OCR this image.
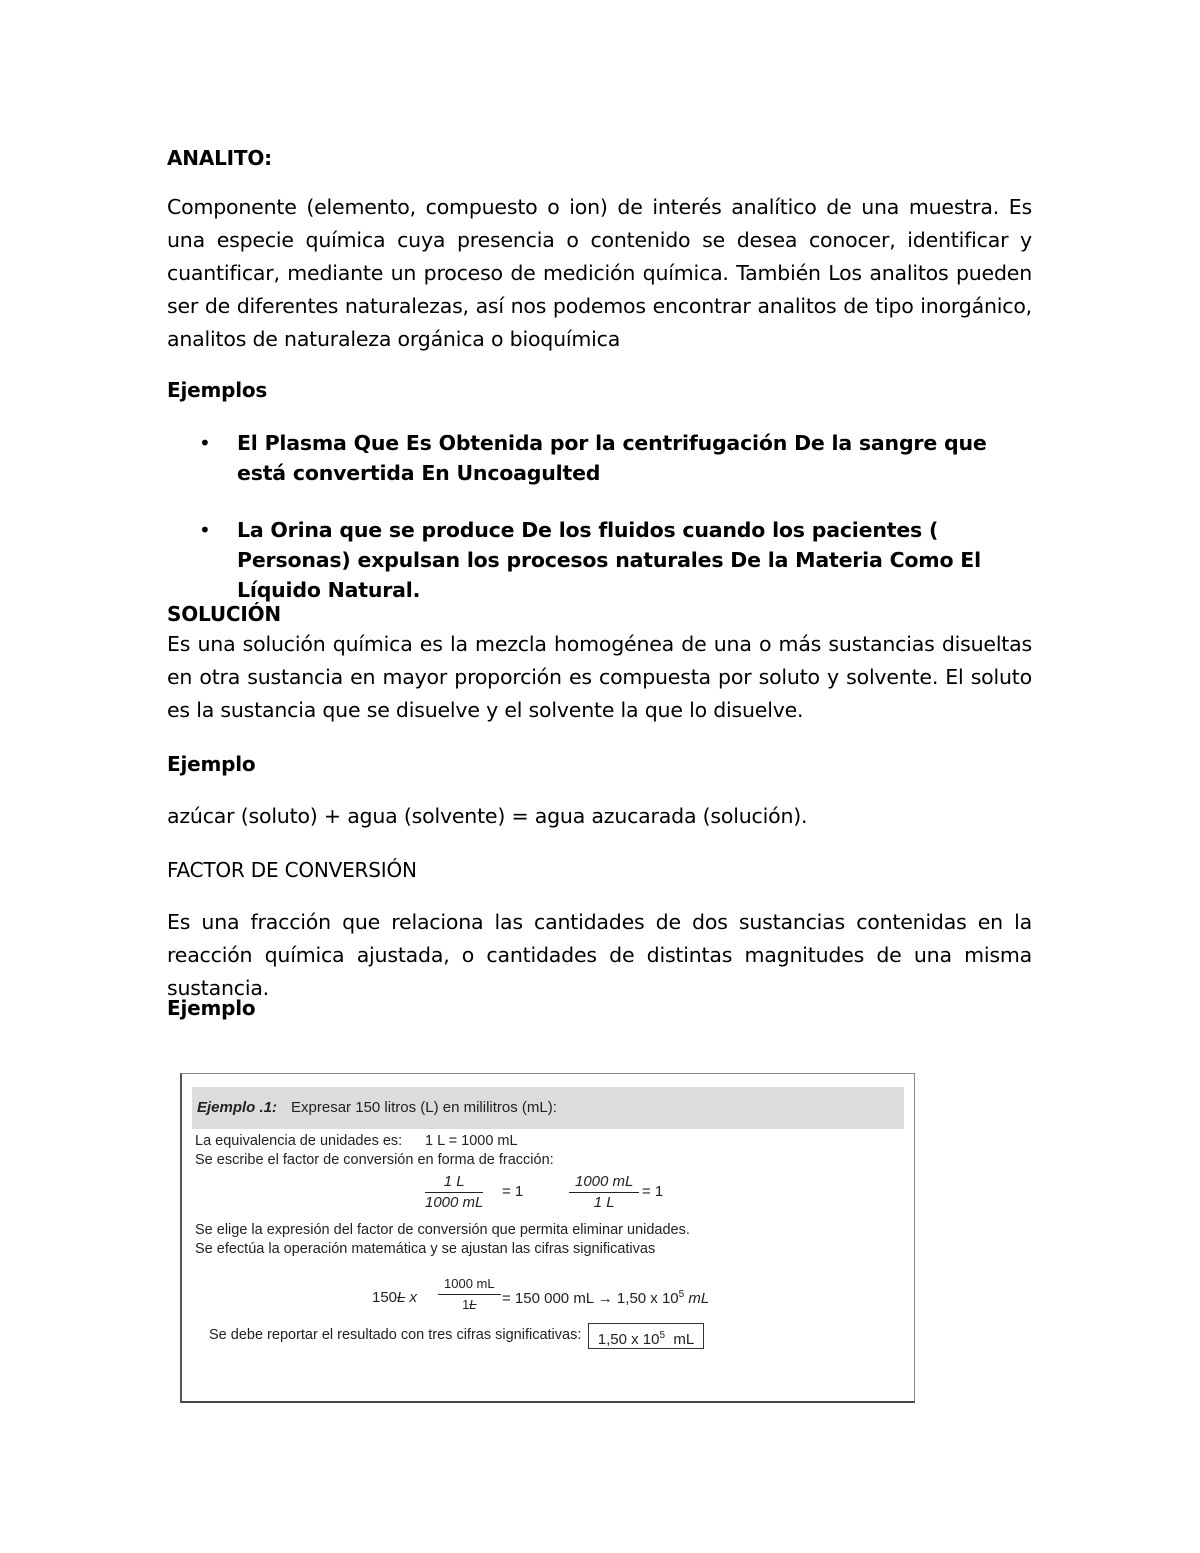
ANALITO:
Componente (elemento, compuesto o ion) de interés analítico de una muestra. Es una especie química cuya presencia o contenido se desea conocer, identificar y cuantificar, mediante un proceso de medición química. También Los analitos pueden ser de diferentes naturalezas, así nos podemos encontrar analitos de tipo inorgánico, analitos de naturaleza orgánica o bioquímica
Ejemplos
• El Plasma Que Es Obtenida por la centrifugación De la sangre que está convertida En Uncoagulted
• La Orina que se produce De los fluidos cuando los pacientes ( Personas) expulsan los procesos naturales De la Materia Como El Líquido Natural.
SOLUCIÓN
Es una solución química es la mezcla homogénea de una o más sustancias disueltas en otra sustancia en mayor proporción es compuesta por soluto y solvente. El soluto es la sustancia que se disuelve y el solvente la que lo disuelve.
Ejemplo
azúcar (soluto) + agua (solvente) = agua azucarada (solución).
FACTOR DE CONVERSIÓN
Es una fracción que relaciona las cantidades de dos sustancias contenidas en la reacción química ajustada, o cantidades de distintas magnitudes de una misma sustancia.
Ejemplo
Ejemplo .1: Expresar 150 litros (L) en mililitros (mL):
La equivalencia de unidades es: 1 L = 1000 mL
Se escribe el factor de conversión en forma de fracción:
$\frac{1 L}{1000 mL} = 1$	$\frac{1000 mL}{1 L} = 1$
Se elige la expresión del factor de conversión que permita eliminar unidades.
Se efectúa la operación matemática y se ajustan las cifras significativas
150L x $\frac{1000 mL}{1L} = 150$ 000 mL → 1,50 x $10^5$ mL
Se debe reportar el resultado con tres cifras significativas:	1,50 x $10^5$ mL
